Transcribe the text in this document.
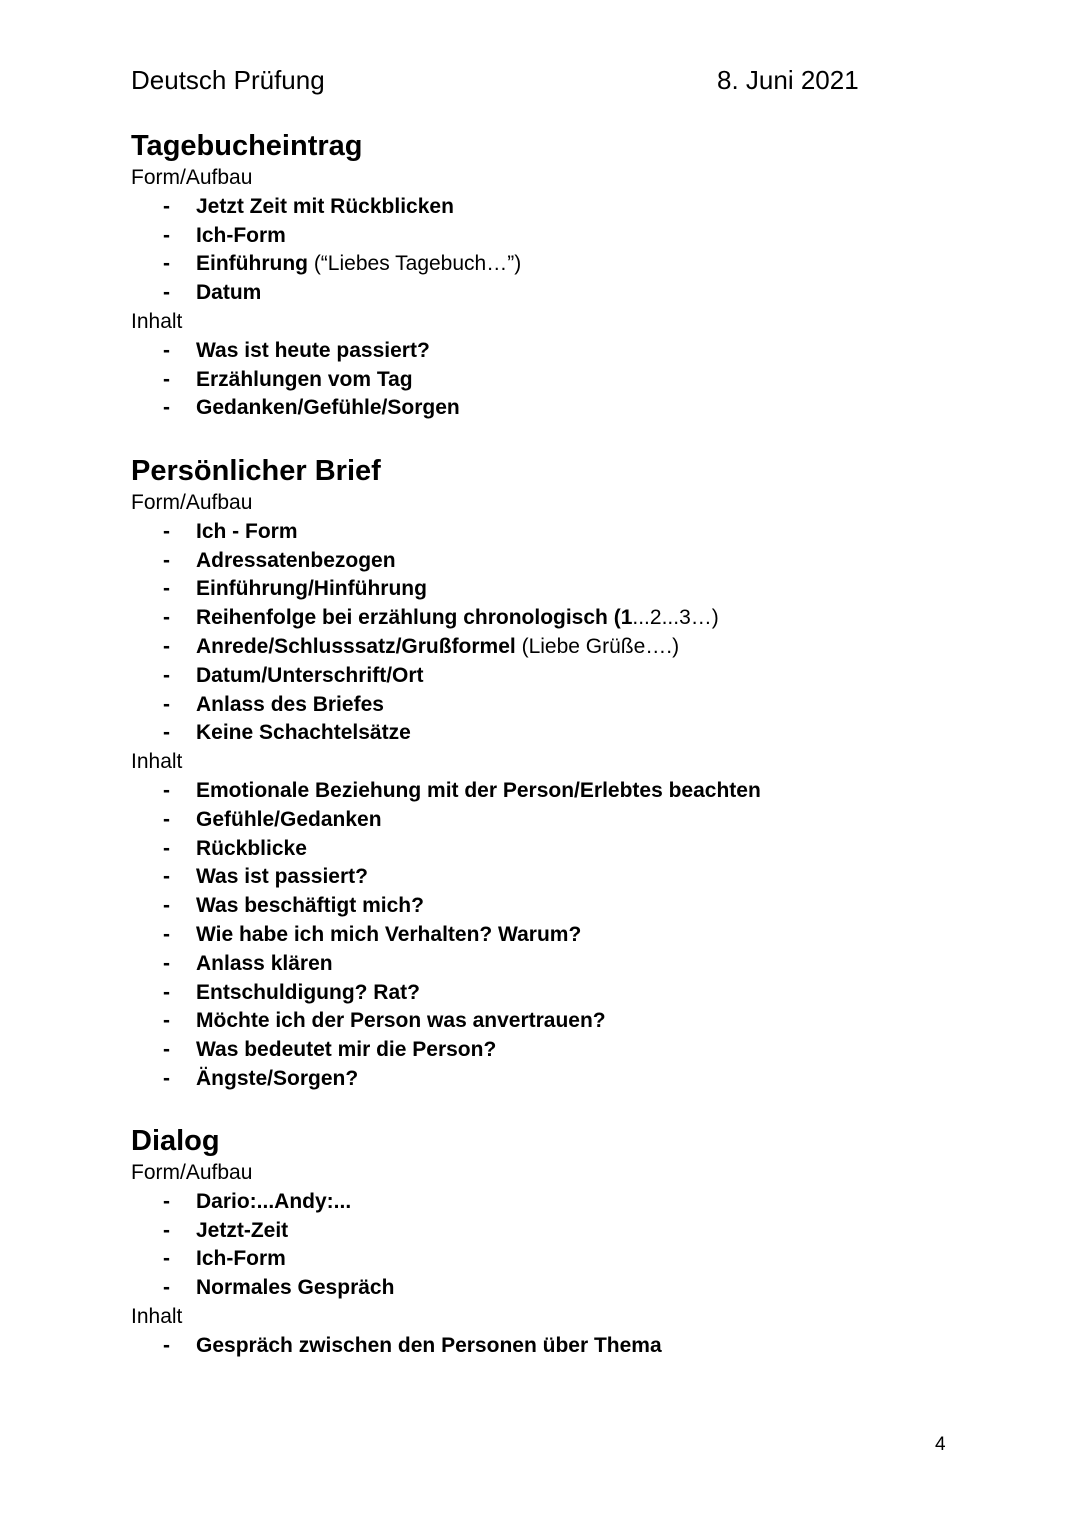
Deutsch Prüfung	8. Juni 2021
Tagebucheintrag
Form/Aufbau
- Jetzt Zeit mit Rückblicken
- Ich-Form
- Einführung (“Liebes Tagebuch…”)
- Datum
Inhalt
- Was ist heute passiert?
- Erzählungen vom Tag
- Gedanken/Gefühle/Sorgen
Persönlicher Brief
Form/Aufbau
- Ich - Form
- Adressatenbezogen
- Einführung/Hinführung
- Reihenfolge bei erzählung chronologisch (1...2...3…)
- Anrede/Schlusssatz/Grußformel (Liebe Grüße….)
- Datum/Unterschrift/Ort
- Anlass des Briefes
- Keine Schachtelsätze
Inhalt
- Emotionale Beziehung mit der Person/Erlebtes beachten
- Gefühle/Gedanken
- Rückblicke
- Was ist passiert?
- Was beschäftigt mich?
- Wie habe ich mich Verhalten? Warum?
- Anlass klären
- Entschuldigung? Rat?
- Möchte ich der Person was anvertrauen?
- Was bedeutet mir die Person?
- Ängste/Sorgen?
Dialog
Form/Aufbau
- Dario:...Andy:...
- Jetzt-Zeit
- Ich-Form
- Normales Gespräch
Inhalt
- Gespräch zwischen den Personen über Thema
4
